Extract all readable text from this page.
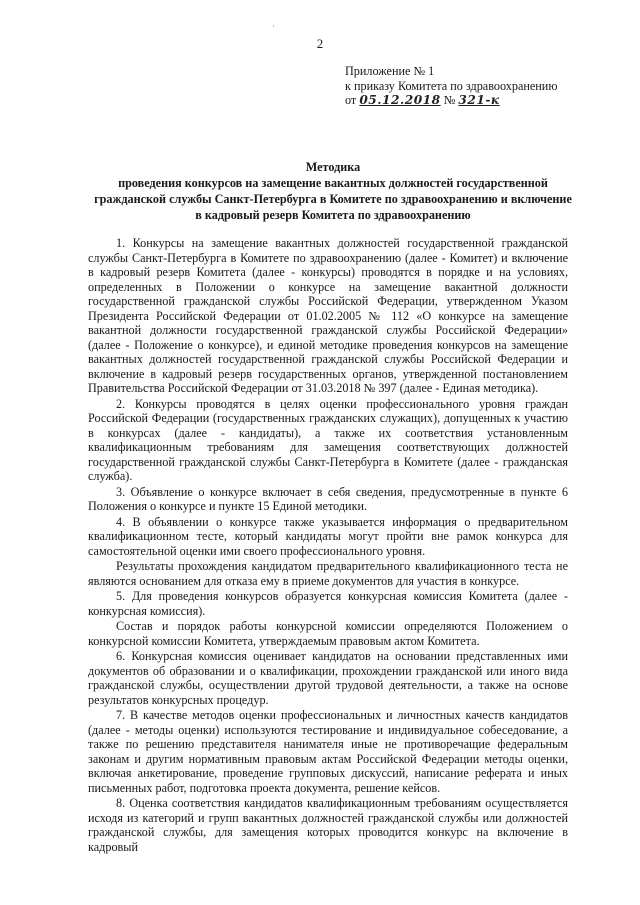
·
2
Приложение № 1
к приказу Комитета по здравоохранению
от 05.12.2018 № 321-к
Методика
проведения конкурсов на замещение вакантных должностей государственной
гражданской службы Санкт-Петербурга в Комитете по здравоохранению и включение
в кадровый резерв Комитета по здравоохранению

1. Конкурсы на замещение вакантных должностей государственной гражданской службы Санкт-Петербурга в Комитете по здравоохранению (далее - Комитет) и включение в кадровый резерв Комитета (далее - конкурсы) проводятся в порядке и на условиях, определенных в Положении о конкурсе на замещение вакантной должности государственной гражданской службы Российской Федерации, утвержденном Указом Президента Российской Федерации от 01.02.2005 № 112 «О конкурсе на замещение вакантной должности государственной гражданской службы Российской Федерации» (далее - Положение о конкурсе), и единой методике проведения конкурсов на замещение вакантных должностей государственной гражданской службы Российской Федерации и включение в кадровый резерв государственных органов, утвержденной постановлением Правительства Российской Федерации от 31.03.2018 № 397 (далее - Единая методика).

2. Конкурсы проводятся в целях оценки профессионального уровня граждан Российской Федерации (государственных гражданских служащих), допущенных к участию в конкурсах (далее - кандидаты), а также их соответствия установленным квалификационным требованиям для замещения соответствующих должностей государственной гражданской службы Санкт-Петербурга в Комитете (далее - гражданская служба).

3. Объявление о конкурсе включает в себя сведения, предусмотренные в пункте 6 Положения о конкурсе и пункте 15 Единой методики.

4. В объявлении о конкурсе также указывается информация о предварительном квалификационном тесте, который кандидаты могут пройти вне рамок конкурса для самостоятельной оценки ими своего профессионального уровня.

Результаты прохождения кандидатом предварительного квалификационного теста не являются основанием для отказа ему в приеме документов для участия в конкурсе.

5. Для проведения конкурсов образуется конкурсная комиссия Комитета (далее - конкурсная комиссия).

Состав и порядок работы конкурсной комиссии определяются Положением о конкурсной комиссии Комитета, утверждаемым правовым актом Комитета.

6. Конкурсная комиссия оценивает кандидатов на основании представленных ими документов об образовании и о квалификации, прохождении гражданской или иного вида гражданской службы, осуществлении другой трудовой деятельности, а также на основе результатов конкурсных процедур.

7. В качестве методов оценки профессиональных и личностных качеств кандидатов (далее - методы оценки) используются тестирование и индивидуальное собеседование, а также по решению представителя нанимателя иные не противоречащие федеральным законам и другим нормативным правовым актам Российской Федерации методы оценки, включая анкетирование, проведение групповых дискуссий, написание реферата и иных письменных работ, подготовка проекта документа, решение кейсов.

8. Оценка соответствия кандидатов квалификационным требованиям осуществляется исходя из категорий и групп вакантных должностей гражданской службы или должностей гражданской службы, для замещения которых проводится конкурс на включение в кадровый
